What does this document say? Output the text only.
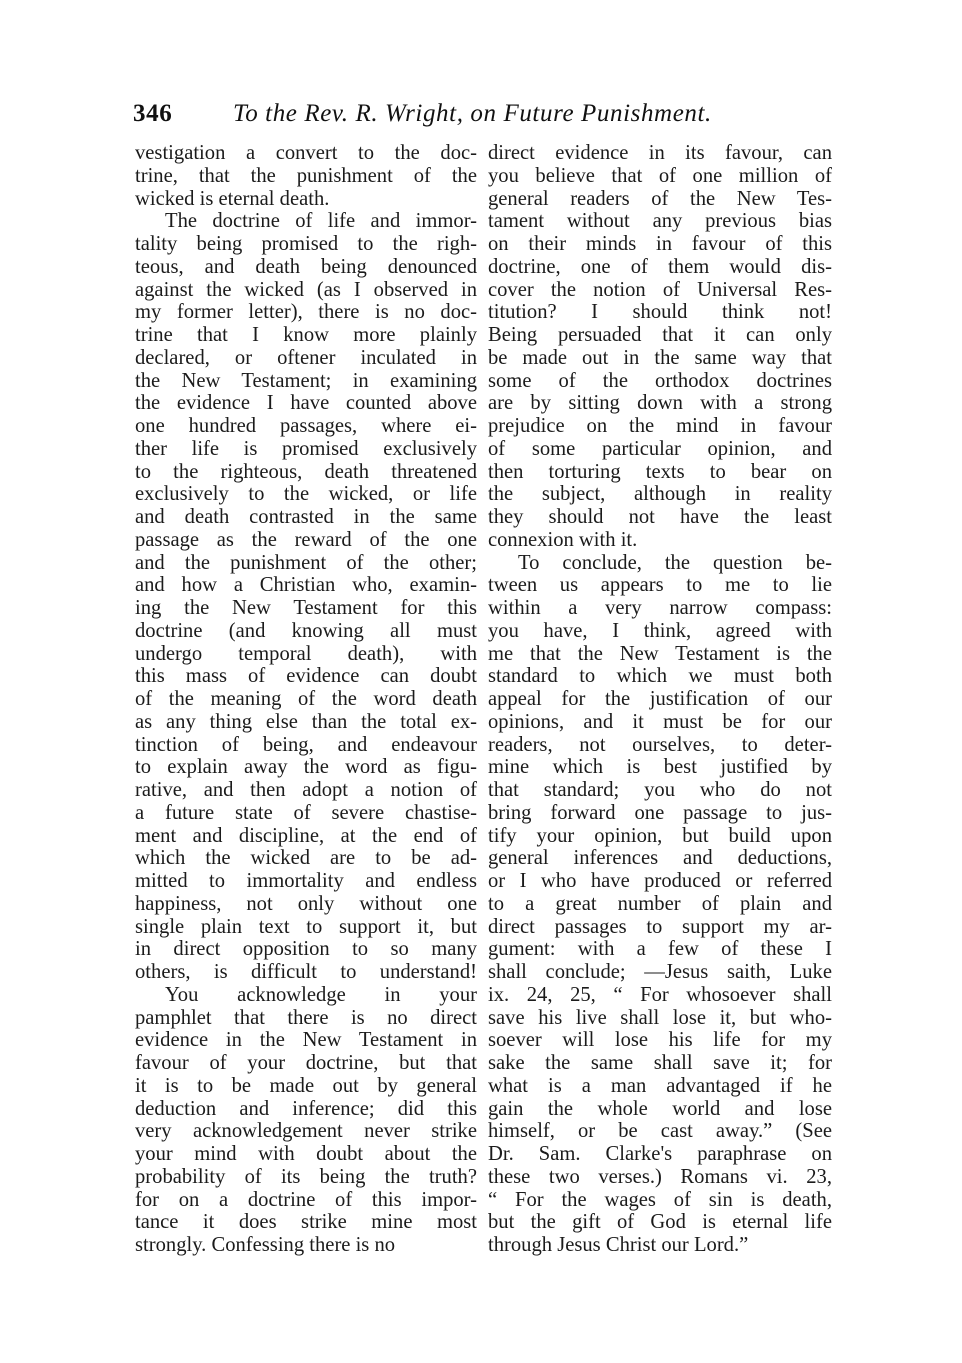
346 To the Rev. R. Wright, on Future Punishment.
vestigation a convert to the doc-
trine, that the punishment of the
wicked is eternal death.
The doctrine of life and immor-
tality being promised to the righ-
teous, and death being denounced
against the wicked (as I observed in
my former letter), there is no doc-
trine that I know more plainly
declared, or oftener inculated in
the New Testament; in examining
the evidence I have counted above
one hundred passages, where ei-
ther life is promised exclusively
to the righteous, death threatened
exclusively to the wicked, or life
and death contrasted in the same
passage as the reward of the one
and the punishment of the other;
and how a Christian who, examin-
ing the New Testament for this
doctrine (and knowing all must
undergo temporal death), with
this mass of evidence can doubt
of the meaning of the word death
as any thing else than the total ex-
tinction of being, and endeavour
to explain away the word as figu-
rative, and then adopt a notion of
a future state of severe chastise-
ment and discipline, at the end of
which the wicked are to be ad-
mitted to immortality and endless
happiness, not only without one
single plain text to support it, but
in direct opposition to so many
others, is difficult to understand!
You acknowledge in your
pamphlet that there is no direct
evidence in the New Testament in
favour of your doctrine, but that
it is to be made out by general
deduction and inference; did this
very acknowledgement never strike
your mind with doubt about the
probability of its being the truth?
for on a doctrine of this impor-
tance it does strike mine most
strongly. Confessing there is no
direct evidence in its favour, can
you believe that of one million of
general readers of the New Tes-
tament without any previous bias
on their minds in favour of this
doctrine, one of them would dis-
cover the notion of Universal Res-
titution? I should think not!
Being persuaded that it can only
be made out in the same way that
some of the orthodox doctrines
are by sitting down with a strong
prejudice on the mind in favour
of some particular opinion, and
then torturing texts to bear on
the subject, although in reality
they should not have the least
connexion with it.
To conclude, the question be-
tween us appears to me to lie
within a very narrow compass:
you have, I think, agreed with
me that the New Testament is the
standard to which we must both
appeal for the justification of our
opinions, and it must be for our
readers, not ourselves, to deter-
mine which is best justified by
that standard; you who do not
bring forward one passage to jus-
tify your opinion, but build upon
general inferences and deductions,
or I who have produced or referred
to a great number of plain and
direct passages to support my ar-
gument: with a few of these I
shall conclude; —Jesus saith, Luke
ix. 24, 25, “ For whosoever shall
save his live shall lose it, but who-
soever will lose his life for my
sake the same shall save it; for
what is a man advantaged if he
gain the whole world and lose
himself, or be cast away.” (See
Dr. Sam. Clarke's paraphrase on
these two verses.) Romans vi. 23,
“ For the wages of sin is death,
but the gift of God is eternal life
through Jesus Christ our Lord.”
